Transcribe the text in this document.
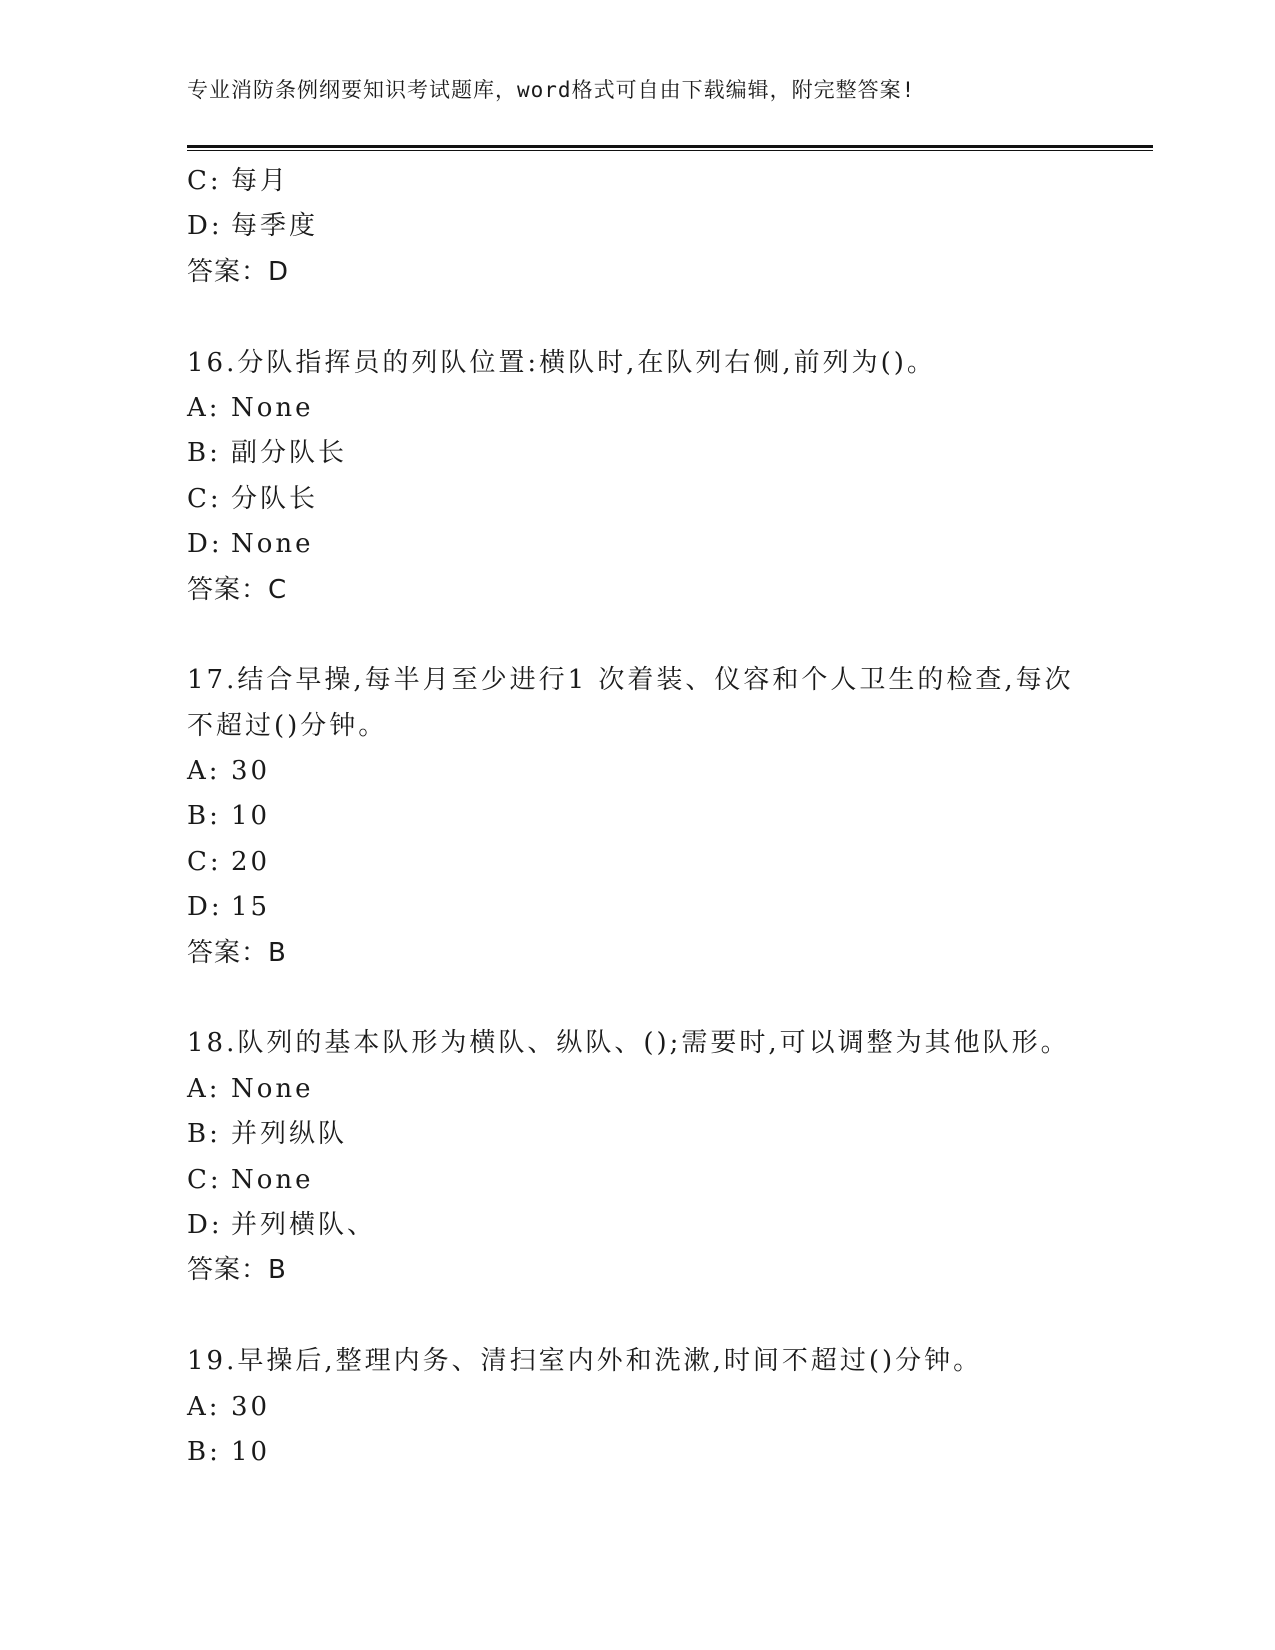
专业消防条例纲要知识考试题库，word格式可自由下载编辑，附完整答案!
C: 每月
D: 每季度
答案：D
16.分队指挥员的列队位置:横队时,在队列右侧,前列为()。
A: None
B: 副分队长
C: 分队长
D: None
答案：C
17.结合早操,每半月至少进行1 次着装、仪容和个人卫生的检查,每次
不超过()分钟。
A: 30
B: 10
C: 20
D: 15
答案：B
18.队列的基本队形为横队、纵队、();需要时,可以调整为其他队形。
A: None
B: 并列纵队
C: None
D: 并列横队、
答案：B
19.早操后,整理内务、清扫室内外和洗漱,时间不超过()分钟。
A: 30
B: 10
